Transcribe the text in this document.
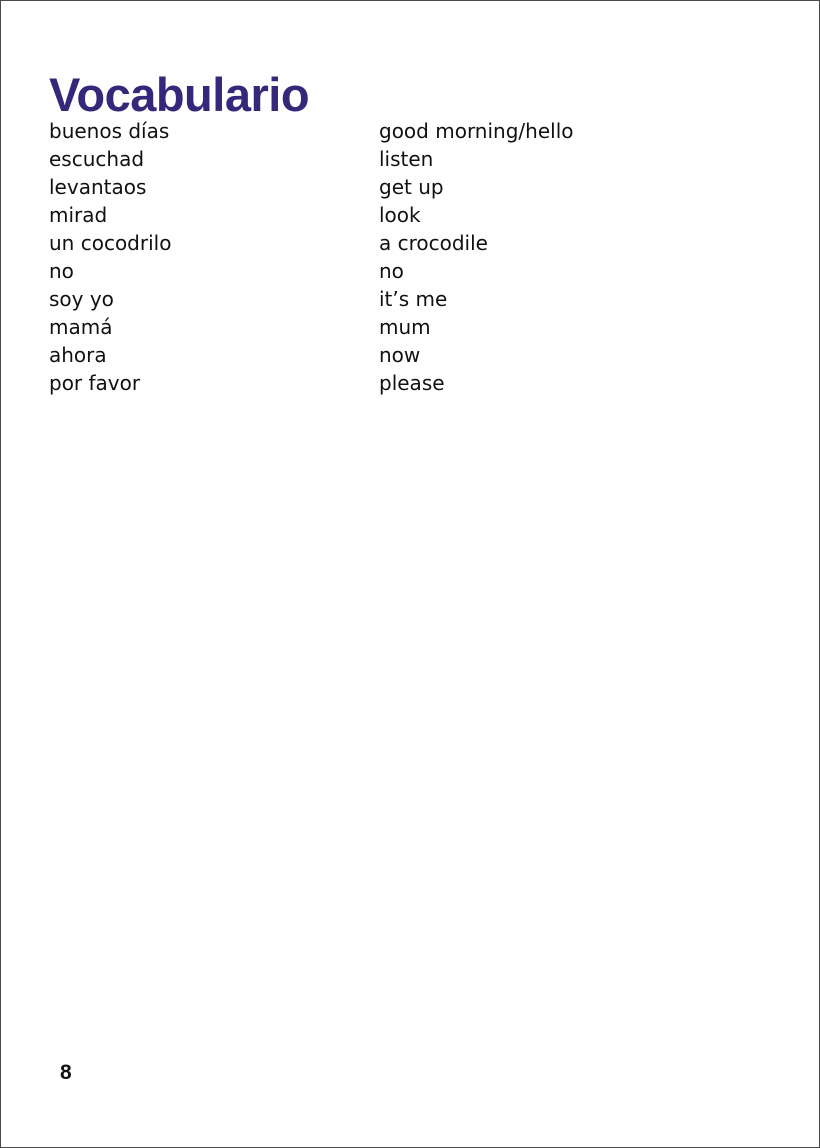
Vocabulario
buenos días	good morning/hello
escuchad	listen
levantaos	get up
mirad	look
un cocodrilo	a crocodile
no	no
soy yo	it’s me
mamá	mum
ahora	now
por favor	please
8
